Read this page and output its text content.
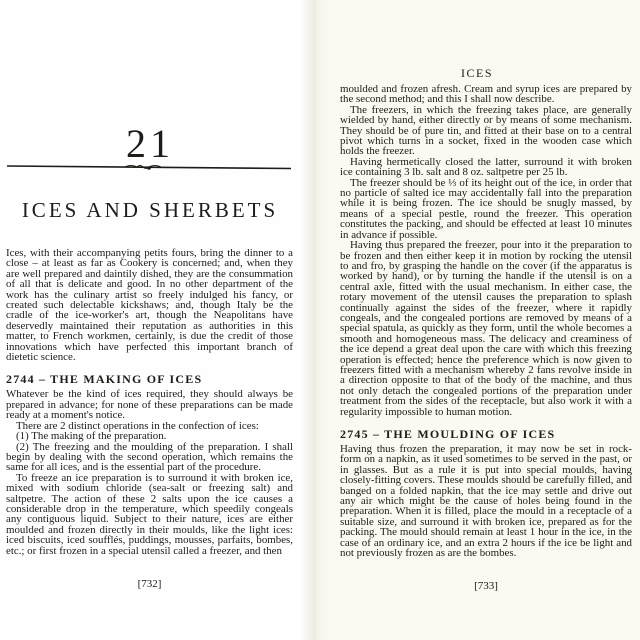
21
ICES AND SHERBETS

Ices, with their accompanying petits fours, bring the dinner to a close – at least as far as Cookery is concerned; and, when they are well prepared and daintily dished, they are the consummation of all that is delicate and good. In no other department of the work has the culinary artist so freely indulged his fancy, or created such delectable kickshaws; and, though Italy be the cradle of the ice-worker's art, though the Neapolitans have deservedly maintained their reputation as authorities in this matter, to French workmen, certainly, is due the credit of those innovations which have perfected this important branch of dietetic science.

2744 – THE MAKING OF ICES

Whatever be the kind of ices required, they should always be prepared in advance; for none of these preparations can be made ready at a moment's notice.

There are 2 distinct operations in the confection of ices:

(1) The making of the preparation.

(2) The freezing and the moulding of the preparation. I shall begin by dealing with the second operation, which remains the same for all ices, and is the essential part of the procedure.

To freeze an ice preparation is to surround it with broken ice, mixed with sodium chloride (sea-salt or freezing salt) and saltpetre. The action of these 2 salts upon the ice causes a considerable drop in the temperature, which speedily congeals any contiguous liquid. Subject to their nature, ices are either moulded and frozen directly in their moulds, like the light ices: iced biscuits, iced soufflés, puddings, mousses, parfaits, bombes, etc.; or first frozen in a special utensil called a freezer, and then

[732]
ICES

moulded and frozen afresh. Cream and syrup ices are prepared by the second method; and this I shall now describe.

The freezers, in which the freezing takes place, are generally wielded by hand, either directly or by means of some mechanism. They should be of pure tin, and fitted at their base on to a central pivot which turns in a socket, fixed in the wooden case which holds the freezer.

Having hermetically closed the latter, surround it with broken ice containing 3 lb. salt and 8 oz. saltpetre per 25 lb.

The freezer should be ⅓ of its height out of the ice, in order that no particle of salted ice may accidentally fall into the preparation while it is being frozen. The ice should be snugly massed, by means of a special pestle, round the freezer. This operation constitutes the packing, and should be effected at least 10 minutes in advance if possible.

Having thus prepared the freezer, pour into it the preparation to be frozen and then either keep it in motion by rocking the utensil to and fro, by grasping the handle on the cover (if the apparatus is worked by hand), or by turning the handle if the utensil is on a central axle, fitted with the usual mechanism. In either case, the rotary movement of the utensil causes the preparation to splash continually against the sides of the freezer, where it rapidly congeals, and the congealed portions are removed by means of a special spatula, as quickly as they form, until the whole becomes a smooth and homogeneous mass. The delicacy and creaminess of the ice depend a great deal upon the care with which this freezing operation is effected; hence the preference which is now given to freezers fitted with a mechanism whereby 2 fans revolve inside in a direction opposite to that of the body of the machine, and thus not only detach the congealed portions of the preparation under treatment from the sides of the receptacle, but also work it with a regularity impossible to human motion.

2745 – THE MOULDING OF ICES

Having thus frozen the preparation, it may now be set in rock-form on a napkin, as it used sometimes to be served in the past, or in glasses. But as a rule it is put into special moulds, having closely-fitting covers. These moulds should be carefully filled, and banged on a folded napkin, that the ice may settle and drive out any air which might be the cause of holes being found in the preparation. When it is filled, place the mould in a receptacle of a suitable size, and surround it with broken ice, prepared as for the packing. The mould should remain at least 1 hour in the ice, in the case of an ordinary ice, and an extra 2 hours if the ice be light and not previously frozen as are the bombes.

[733]
